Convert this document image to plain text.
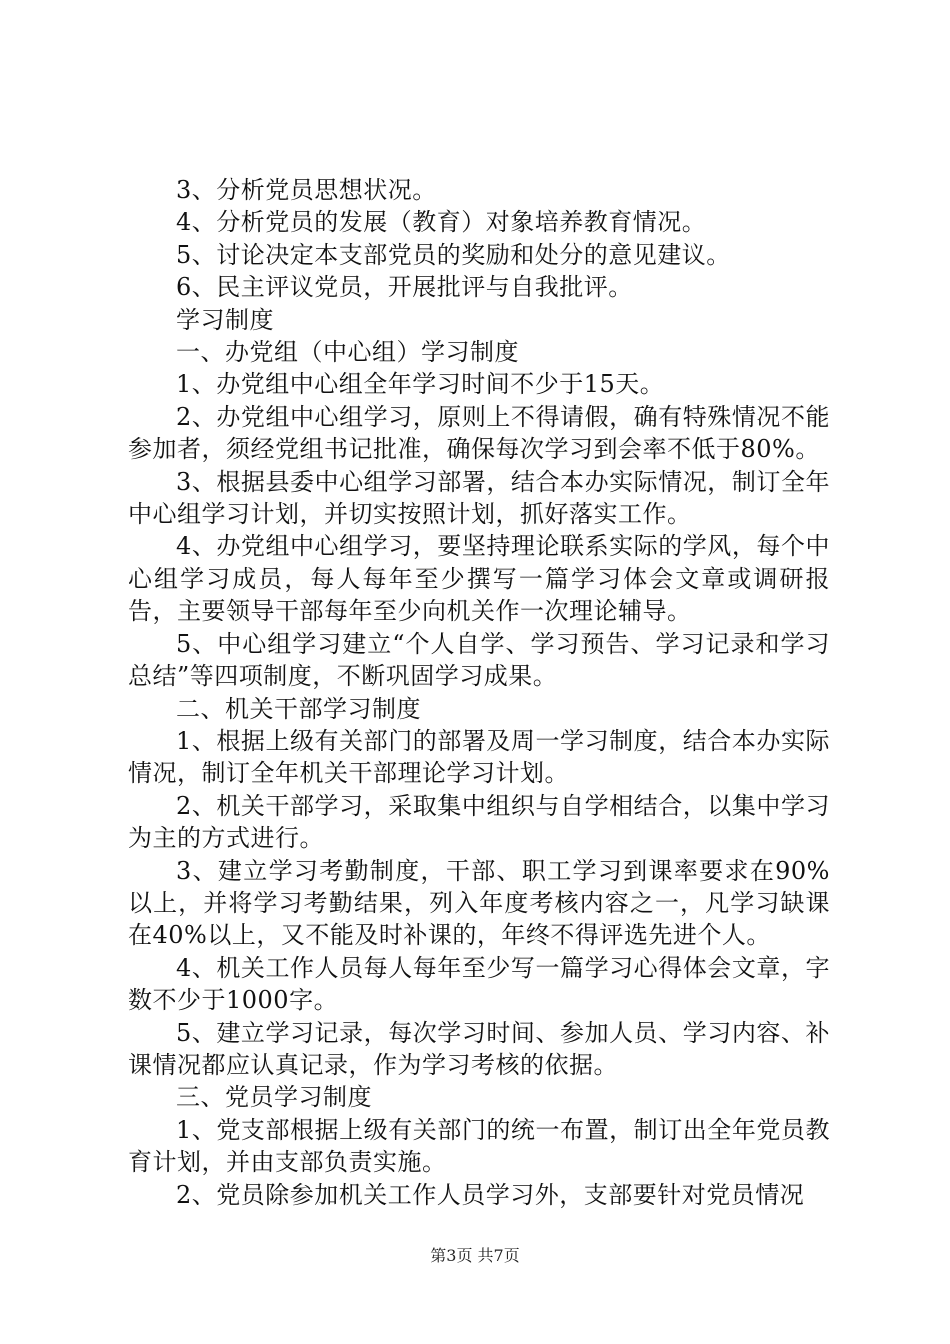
3、分析党员思想状况。

4、分析党员的发展（教育）对象培养教育情况。

5、讨论决定本支部党员的奖励和处分的意见建议。

6、民主评议党员，开展批评与自我批评。

学习制度

一、办党组（中心组）学习制度

1、办党组中心组全年学习时间不少于15天。

2、办党组中心组学习，原则上不得请假，确有特殊情况不能参加者，须经党组书记批准，确保每次学习到会率不低于80%。

3、根据县委中心组学习部署，结合本办实际情况，制订全年中心组学习计划，并切实按照计划，抓好落实工作。

4、办党组中心组学习，要坚持理论联系实际的学风，每个中心组学习成员，每人每年至少撰写一篇学习体会文章或调研报告，主要领导干部每年至少向机关作一次理论辅导。

5、中心组学习建立“个人自学、学习预告、学习记录和学习总结”等四项制度，不断巩固学习成果。

二、机关干部学习制度

1、根据上级有关部门的部署及周一学习制度，结合本办实际情况，制订全年机关干部理论学习计划。

2、机关干部学习，采取集中组织与自学相结合，以集中学习为主的方式进行。

3、建立学习考勤制度，干部、职工学习到课率要求在90%以上，并将学习考勤结果，列入年度考核内容之一，凡学习缺课在40%以上，又不能及时补课的，年终不得评选先进个人。

4、机关工作人员每人每年至少写一篇学习心得体会文章，字数不少于1000字。

5、建立学习记录，每次学习时间、参加人员、学习内容、补课情况都应认真记录，作为学习考核的依据。

三、党员学习制度

1、党支部根据上级有关部门的统一布置，制订出全年党员教育计划，并由支部负责实施。

2、党员除参加机关工作人员学习外，支部要针对党员情况

第3页 共7页
